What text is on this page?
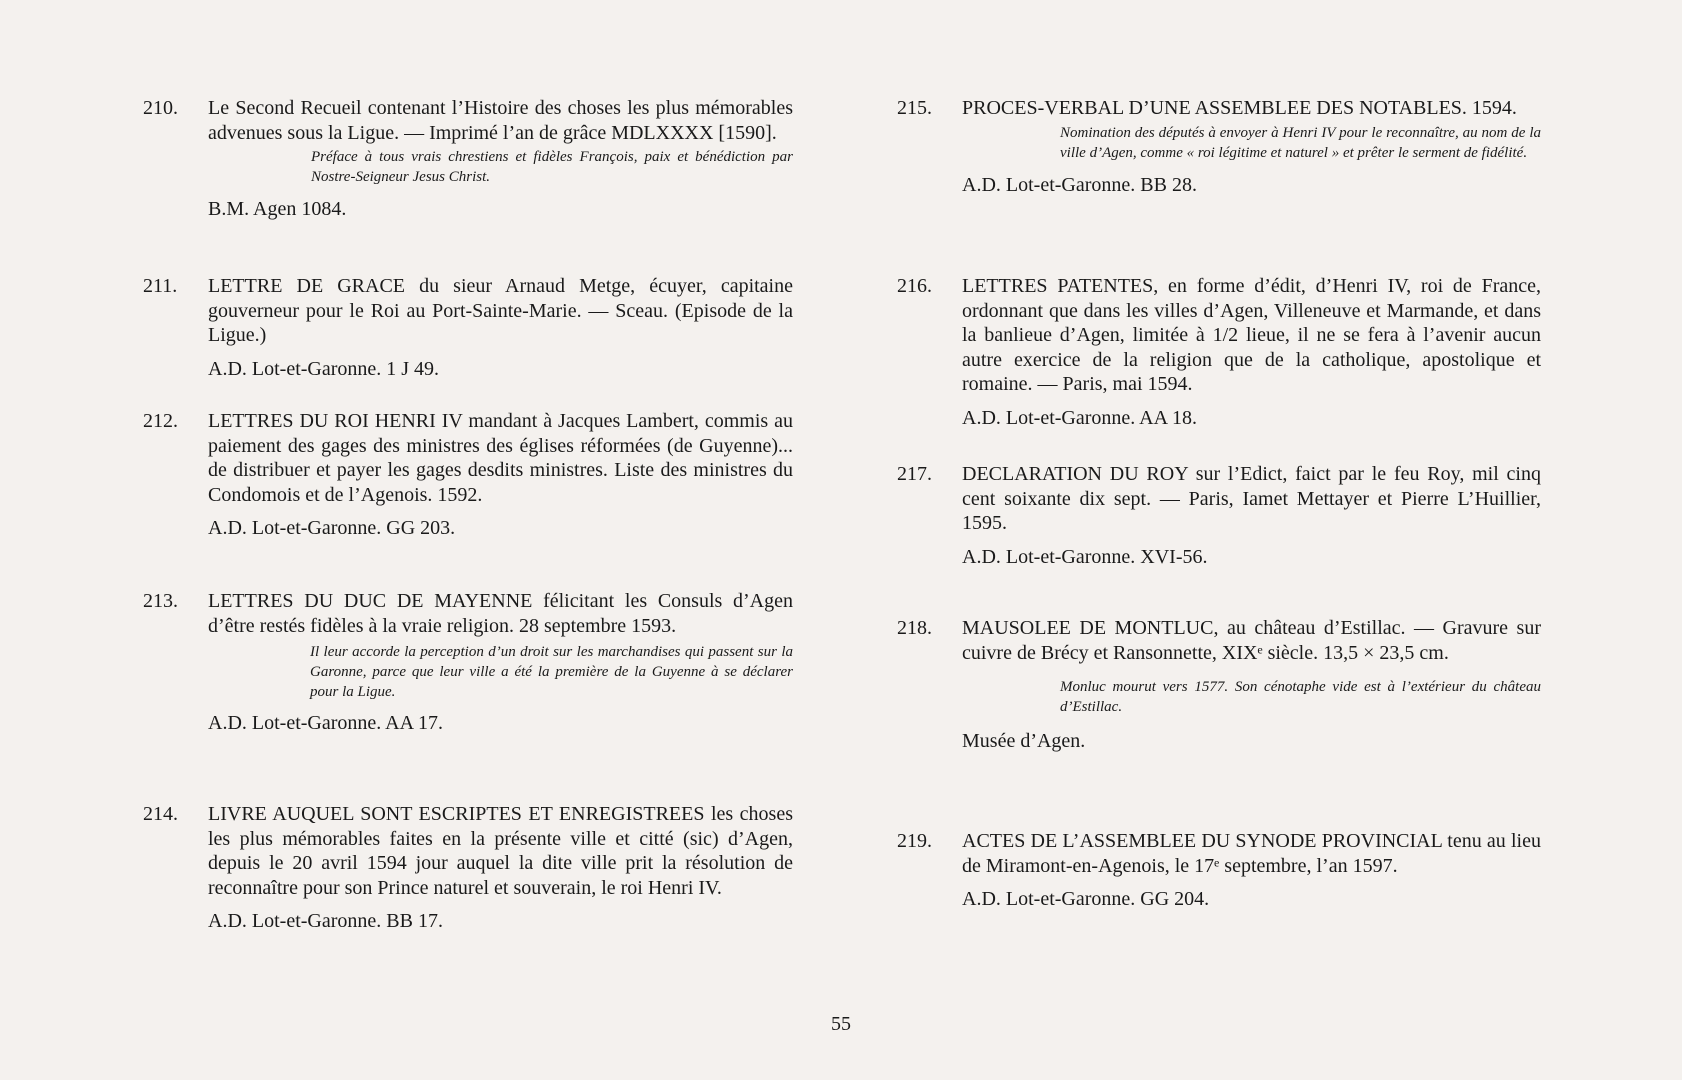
210. Le Second Recueil contenant l’Histoire des choses les plus mémorables advenues sous la Ligue. — Imprimé l’an de grâce MDLXXXX [1590].

Préface à tous vrais chrestiens et fidèles François, paix et bénédiction par Nostre-Seigneur Jesus Christ.

B.M. Agen 1084.
211. LETTRE DE GRACE du sieur Arnaud Metge, écuyer, capitaine gouverneur pour le Roi au Port-Sainte-Marie. — Sceau. (Episode de la Ligue.)

A.D. Lot-et-Garonne. 1 J 49.
212. LETTRES DU ROI HENRI IV mandant à Jacques Lambert, commis au paiement des gages des ministres des églises réformées (de Guyenne)... de distribuer et payer les gages desdits ministres. Liste des ministres du Condomois et de l’Agenois. 1592.

A.D. Lot-et-Garonne. GG 203.
213. LETTRES DU DUC DE MAYENNE félicitant les Consuls d’Agen d’être restés fidèles à la vraie religion. 28 septembre 1593.

Il leur accorde la perception d’un droit sur les marchandises qui passent sur la Garonne, parce que leur ville a été la première de la Guyenne à se déclarer pour la Ligue.

A.D. Lot-et-Garonne. AA 17.
214. LIVRE AUQUEL SONT ESCRIPTES ET ENREGISTREES les choses les plus mémorables faites en la présente ville et citté (sic) d’Agen, depuis le 20 avril 1594 jour auquel la dite ville prit la résolution de reconnaître pour son Prince naturel et souverain, le roi Henri IV.

A.D. Lot-et-Garonne. BB 17.
215. PROCES-VERBAL D’UNE ASSEMBLEE DES NOTABLES. 1594.

Nomination des députés à envoyer à Henri IV pour le reconnaître, au nom de la ville d’Agen, comme « roi légitime et naturel » et prêter le serment de fidélité.

A.D. Lot-et-Garonne. BB 28.
216. LETTRES PATENTES, en forme d’édit, d’Henri IV, roi de France, ordonnant que dans les villes d’Agen, Villeneuve et Marmande, et dans la banlieue d’Agen, limitée à 1/2 lieue, il ne se fera à l’avenir aucun autre exercice de la religion que de la catholique, apostolique et romaine. — Paris, mai 1594.

A.D. Lot-et-Garonne. AA 18.
217. DECLARATION DU ROY sur l’Edict, faict par le feu Roy, mil cinq cent soixante dix sept. — Paris, Iamet Mettayer et Pierre L’Huillier, 1595.

A.D. Lot-et-Garonne. XVI-56.
218. MAUSOLEE DE MONTLUC, au château d’Estillac. — Gravure sur cuivre de Brécy et Ransonnette, XIXᵉ siècle. 13,5 × 23,5 cm.

Monluc mourut vers 1577. Son cénotaphe vide est à l’extérieur du château d’Estillac.

Musée d’Agen.
219. ACTES DE L’ASSEMBLEE DU SYNODE PROVINCIAL tenu au lieu de Miramont-en-Agenois, le 17ᵉ septembre, l’an 1597.

A.D. Lot-et-Garonne. GG 204.
55
